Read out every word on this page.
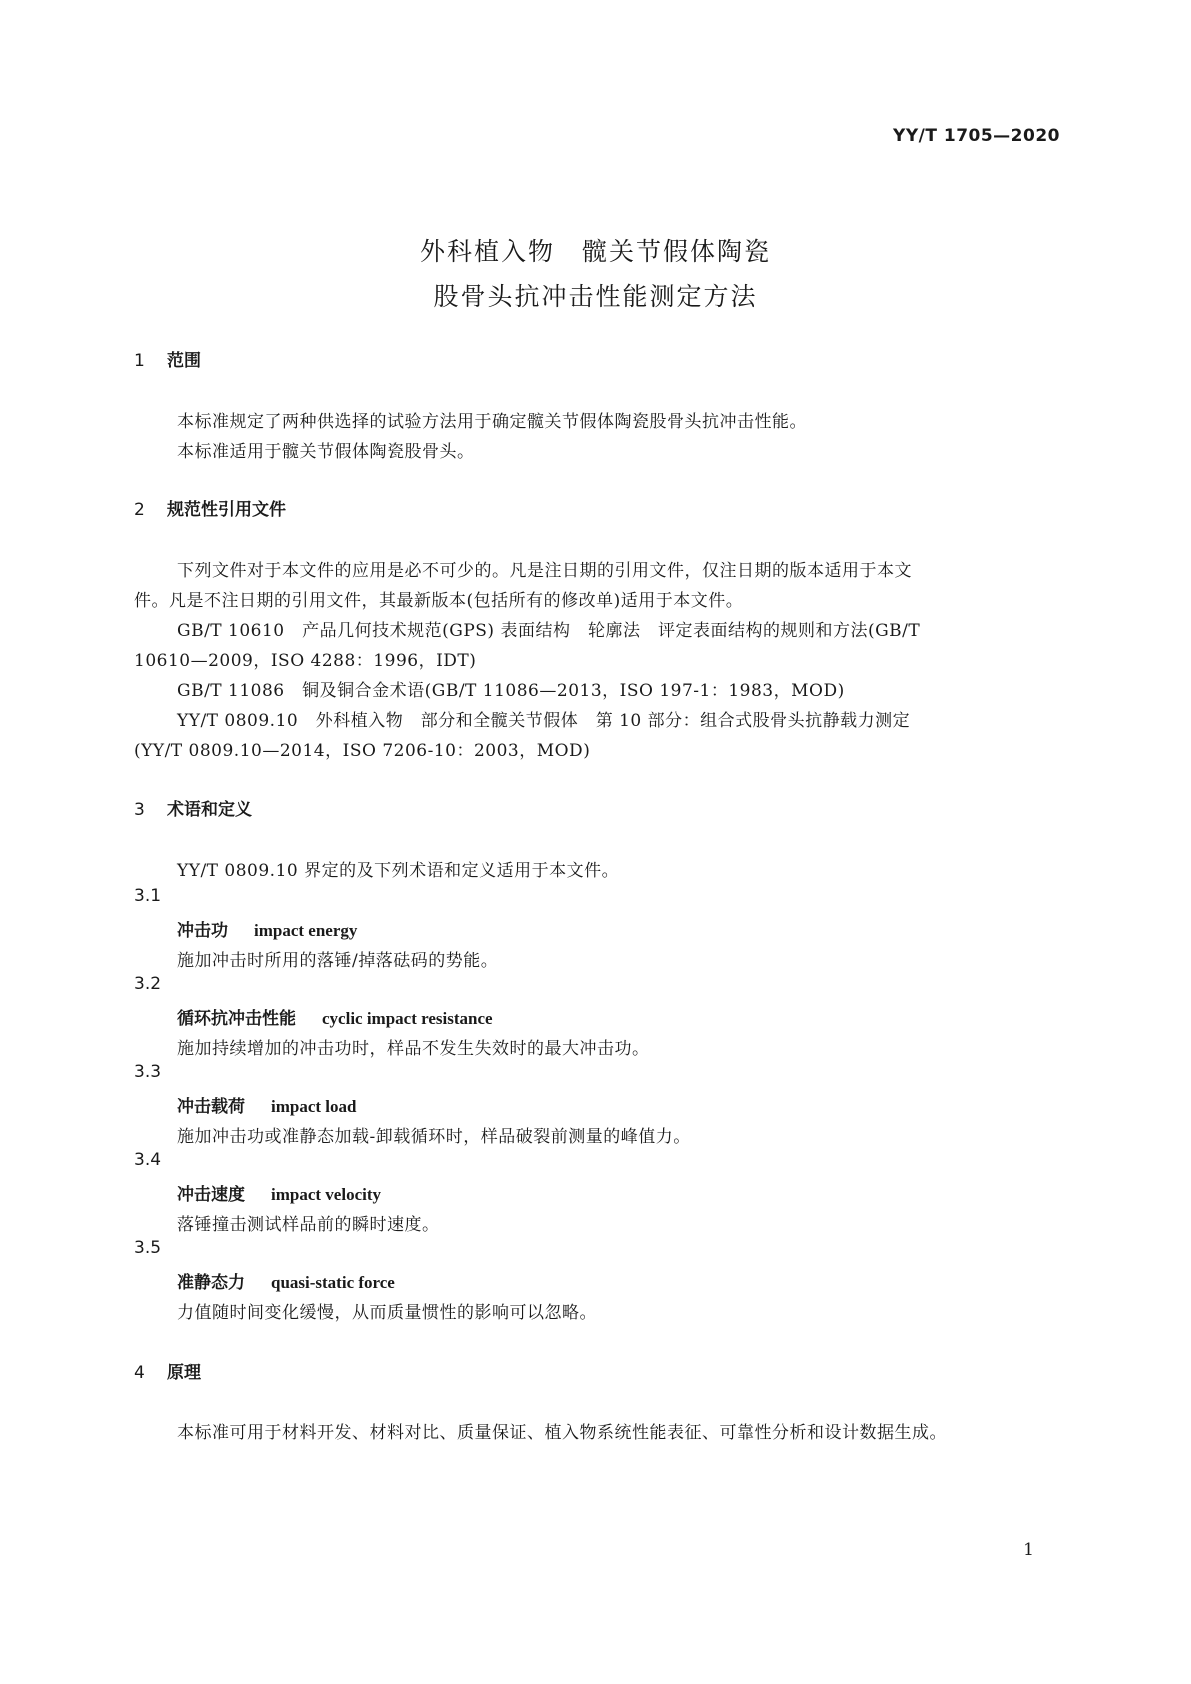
YY/T 1705—2020
外科植入物　髋关节假体陶瓷
股骨头抗冲击性能测定方法
1 范围
本标准规定了两种供选择的试验方法用于确定髋关节假体陶瓷股骨头抗冲击性能。
本标准适用于髋关节假体陶瓷股骨头。
2 规范性引用文件
下列文件对于本文件的应用是必不可少的。凡是注日期的引用文件，仅注日期的版本适用于本文
件。凡是不注日期的引用文件，其最新版本(包括所有的修改单)适用于本文件。
GB/T 10610　产品几何技术规范(GPS) 表面结构　轮廓法　评定表面结构的规则和方法(GB/T
10610—2009，ISO 4288：1996，IDT)
GB/T 11086　铜及铜合金术语(GB/T 11086—2013，ISO 197-1：1983，MOD)
YY/T 0809.10　外科植入物　部分和全髋关节假体　第 10 部分：组合式股骨头抗静载力测定
(YY/T 0809.10—2014，ISO 7206-10：2003，MOD)
3 术语和定义
YY/T 0809.10 界定的及下列术语和定义适用于本文件。
3.1
冲击功 impact energy
施加冲击时所用的落锤/掉落砝码的势能。
3.2
循环抗冲击性能 cyclic impact resistance
施加持续增加的冲击功时，样品不发生失效时的最大冲击功。
3.3
冲击载荷 impact load
施加冲击功或准静态加载-卸载循环时，样品破裂前测量的峰值力。
3.4
冲击速度 impact velocity
落锤撞击测试样品前的瞬时速度。
3.5
准静态力 quasi-static force
力值随时间变化缓慢，从而质量惯性的影响可以忽略。
4 原理
本标准可用于材料开发、材料对比、质量保证、植入物系统性能表征、可靠性分析和设计数据生成。
1
